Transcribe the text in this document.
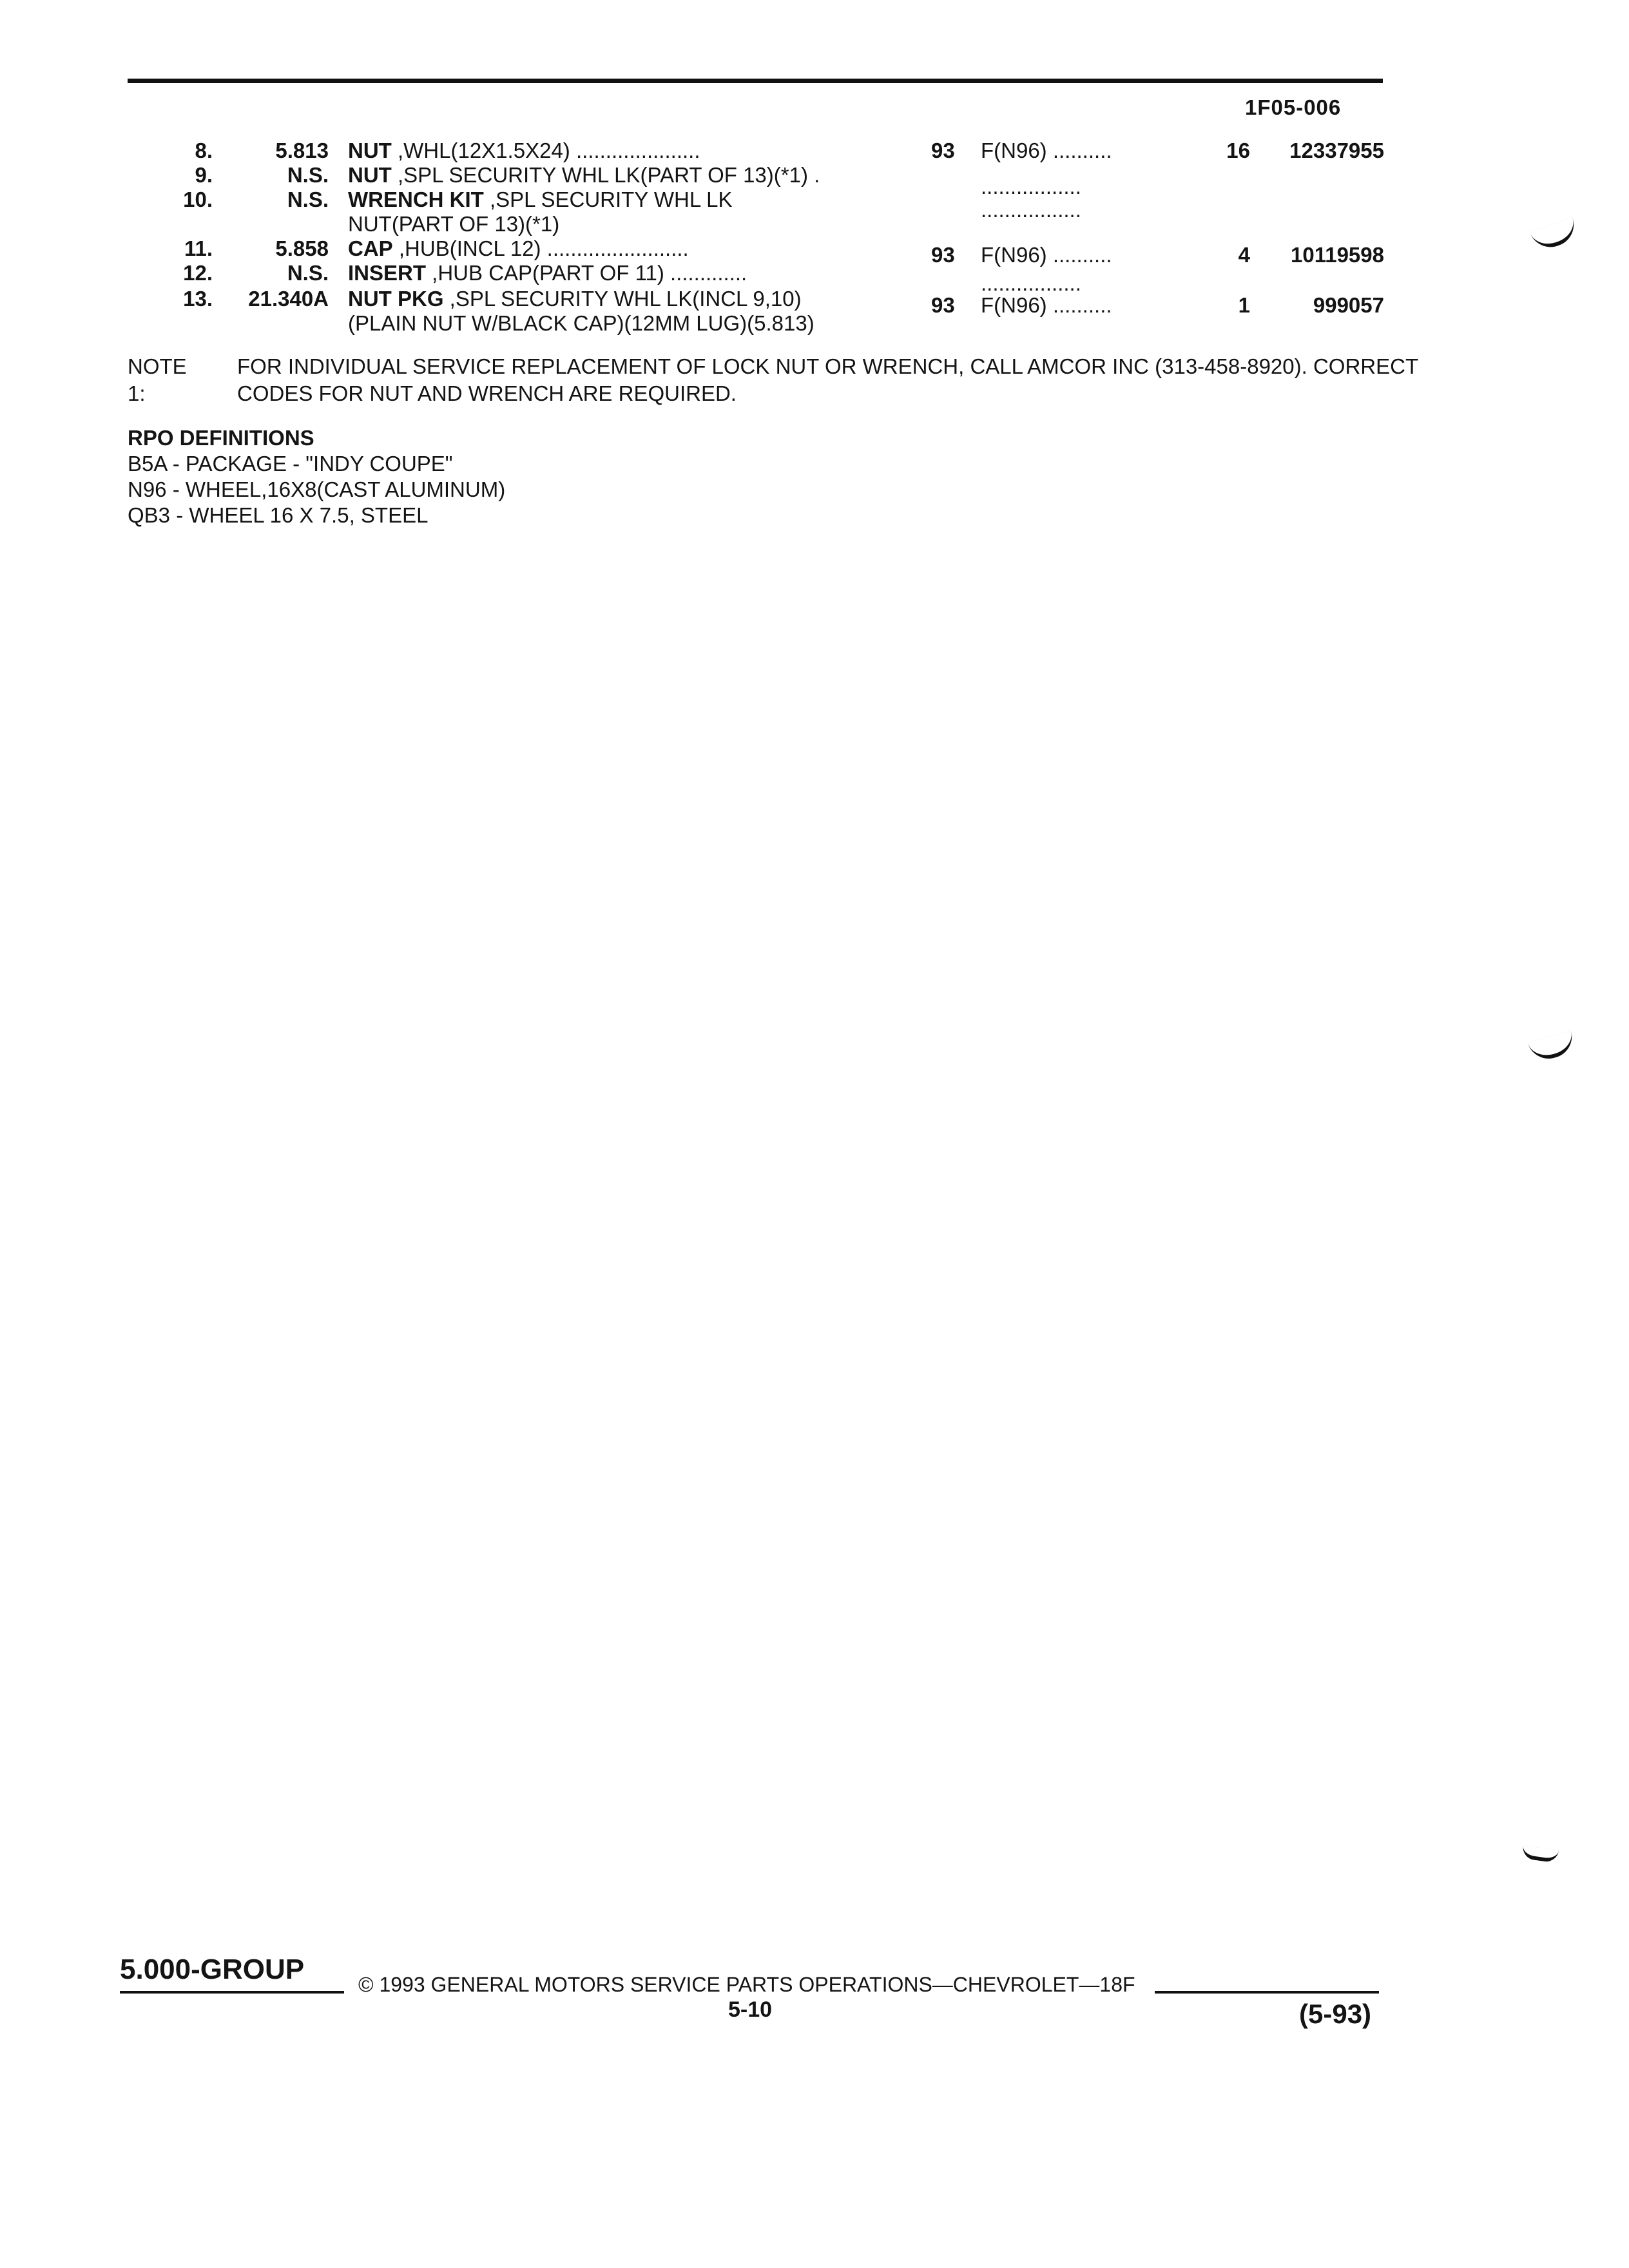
1F05-006
8.	5.813 NUT ,WHL(12X1.5X24) .....................	93 F(N96) ..........	16 12337955
9.	N.S. NUT ,SPL SECURITY WHL LK(PART OF 13)(*1) .	.................
10.	N.S. WRENCH KIT ,SPL SECURITY WHL LK	.................
NUT(PART OF 13)(*1)
11.	5.858 CAP ,HUB(INCL 12) ........................	93 F(N96) ..........	4 10119598
12.	N.S. INSERT ,HUB CAP(PART OF 11) .............	.................
13. 21.340A NUT PKG ,SPL SECURITY WHL LK(INCL 9,10)	93 F(N96) ..........	1	999057
(PLAIN NUT W/BLACK CAP)(12MM LUG)(5.813)
NOTE 1:
FOR INDIVIDUAL SERVICE REPLACEMENT OF LOCK NUT OR WRENCH, CALL AMCOR INC (313-458-8920). CORRECT CODES FOR NUT AND WRENCH ARE REQUIRED.
RPO DEFINITIONS
B5A - PACKAGE - "INDY COUPE"
N96 - WHEEL,16X8(CAST ALUMINUM)
QB3 - WHEEL 16 X 7.5, STEEL
5.000-GROUP	© 1993 GENERAL MOTORS SERVICE PARTS OPERATIONS—CHEVROLET—18F
5-10	(5-93)
